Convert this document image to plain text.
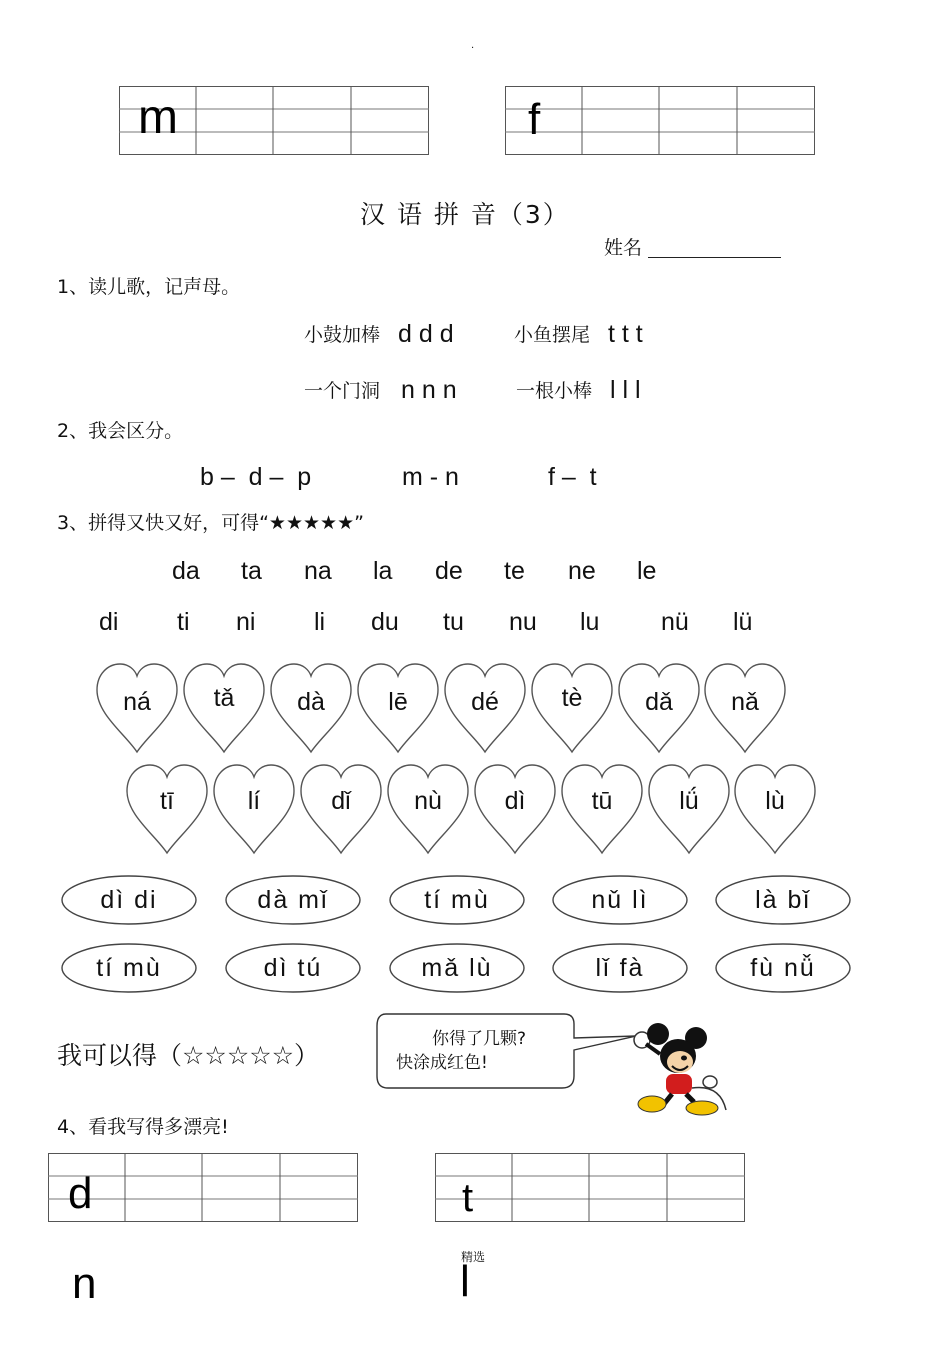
.
m	f
汉 语 拼 音（3）
姓名
1、读儿歌，记声母。
小鼓加棒 d d d	小鱼摆尾 t t t
一个门洞 n n n	一根小棒 l l l
2、我会区分。
b –  d –  p	m - n	f –  t
3、拼得又快又好，可得“★★★★★”
da ta na la de te ne le
di ti ni li du tu nu lu nü lü
ná	tǎ	dà	lē	dé	tè	dǎ	nǎ
tī	lí	dǐ	nù	dì	tū	lǘ	lù
dì di	dà mǐ	tí mù	nǔ lì	là bǐ
tí mù	dì tú	mǎ lù	lǐ fà	fù nǚ
我可以得（☆☆☆☆☆）
你得了几颗?
快涂成红色!
4、看我写得多漂亮!
d	t
精选
n	l
